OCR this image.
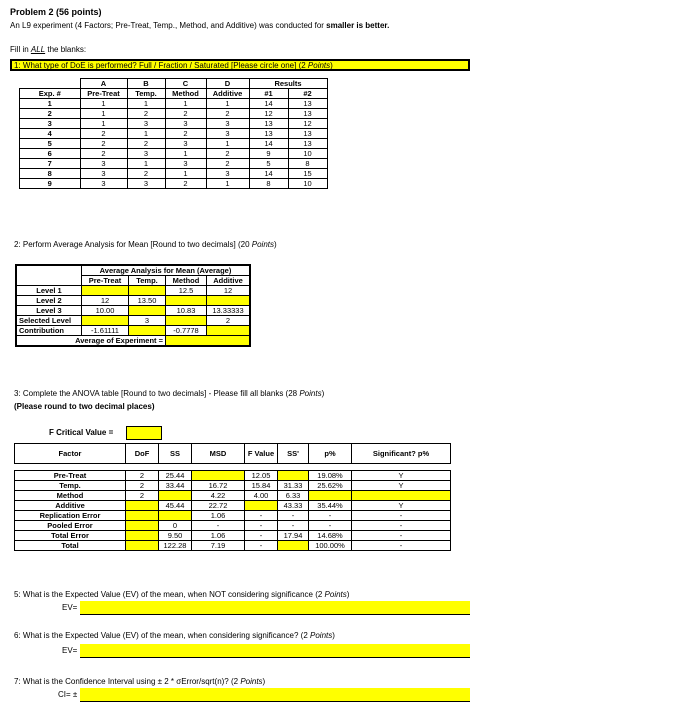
Problem 2 (56 points)
An L9 experiment (4 Factors; Pre-Treat, Temp., Method, and Additive) was conducted for smaller is better.
Fill in ALL the blanks:
1: What type of DoE is performed? Full / Fraction / Saturated [Please circle one] (2 Points)
	A	B	C	D	Results	
Exp. #	Pre-Treat	Temp.	Method	Additive	#1	#2
1	1	1	1	1	14	13
2	1	2	2	2	12	13
3	1	3	3	3	13	12
4	2	1	2	3	13	13
5	2	2	3	1	14	13
6	2	3	1	2	9	10
7	3	1	3	2	5	8
8	3	2	1	3	14	15
9	3	3	2	1	8	10
2: Perform Average Analysis for Mean [Round to two decimals] (20 Points)
	Average Analysis for Mean (Average)			
	Pre-Treat	Temp.	Method	Additive
Level 1			12.5	12
Level 2	12	13.50		
Level 3	10.00		10.83	13.33333
Selected Level		3		2
Contribution	-1.61111		-0.7778	
Average of Experiment =				
3: Complete the ANOVA table [Round to two decimals] - Please fill all blanks (28 Points)
(Please round to two decimal places)
F Critical Value =
Factor	DoF	SS	MSD	F Value	SS'	p%	Significant? p%

Pre-Treat	2	25.44		12.05		19.08%	Y
Temp.	2	33.44	16.72	15.84	31.33	25.62%	Y
Method	2		4.22	4.00	6.33		
Additive		45.44	22.72		43.33	35.44%	Y
Replication Error			1.06	-	-	-	-
Pooled Error		0	-	-	-	-	-
Total Error		9.50	1.06	-	17.94	14.68%	-
Total		122.28	7.19	-		100.00%	-
5: What is the Expected Value (EV) of the mean, when NOT considering significance (2 Points)
EV=
6: What is the Expected Value (EV) of the mean, when considering significance? (2 Points)
EV=
7: What is the Confidence Interval using ± 2 * σError/sqrt(n)? (2 Points)
CI= ±
